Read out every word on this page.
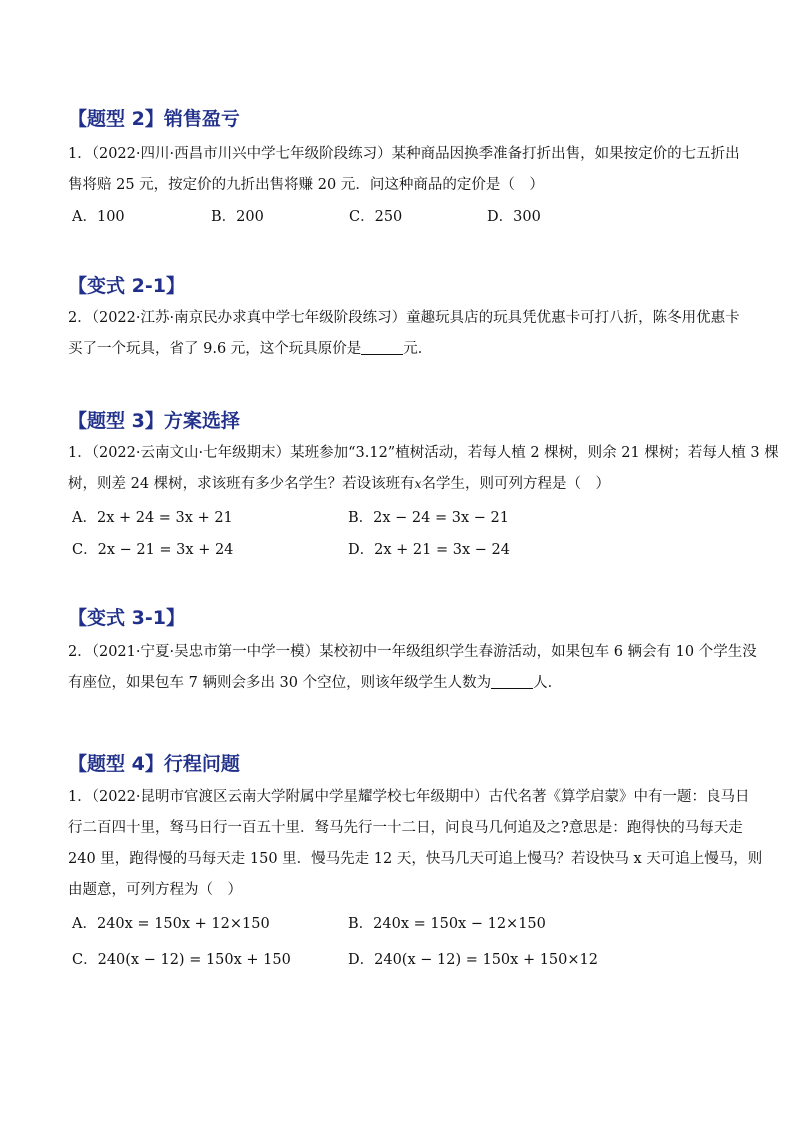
【题型 2】销售盈亏
1．（2022·四川·西昌市川兴中学七年级阶段练习）某种商品因换季准备打折出售，如果按定价的七五折出
售将赔 25 元，按定价的九折出售将赚 20 元．问这种商品的定价是（　）
A．100	B．200	C．250	D．300
【变式 2-1】
2．（2022·江苏·南京民办求真中学七年级阶段练习）童趣玩具店的玩具凭优惠卡可打八折，陈冬用优惠卡
买了一个玩具，省了 9.6 元，这个玩具原价是	元．
【题型 3】方案选择
1．（2022·云南文山·七年级期末）某班参加“3.12”植树活动，若每人植 2 棵树，则余 21 棵树；若每人植 3 棵
树，则差 24 棵树，求该班有多少名学生？若设该班有x名学生，则可列方程是（　）
A．2x + 24 = 3x + 21	B．2x − 24 = 3x − 21
C．2x − 21 = 3x + 24	D．2x + 21 = 3x − 24
【变式 3-1】
2．（2021·宁夏·吴忠市第一中学一模）某校初中一年级组织学生春游活动，如果包车 6 辆会有 10 个学生没
有座位，如果包车 7 辆则会多出 30 个空位，则该年级学生人数为	人．
【题型 4】行程问题
1．（2022·昆明市官渡区云南大学附属中学星耀学校七年级期中）古代名著《算学启蒙》中有一题：良马日
行二百四十里，驽马日行一百五十里．驽马先行一十二日，问良马几何追及之?意思是：跑得快的马每天走
240 里，跑得慢的马每天走 150 里．慢马先走 12 天，快马几天可追上慢马？若设快马 x 天可追上慢马，则
由题意，可列方程为（　）
A．240x = 150x + 12×150	B．240x = 150x − 12×150
C．240(x − 12) = 150x + 150	D．240(x − 12) = 150x + 150×12
